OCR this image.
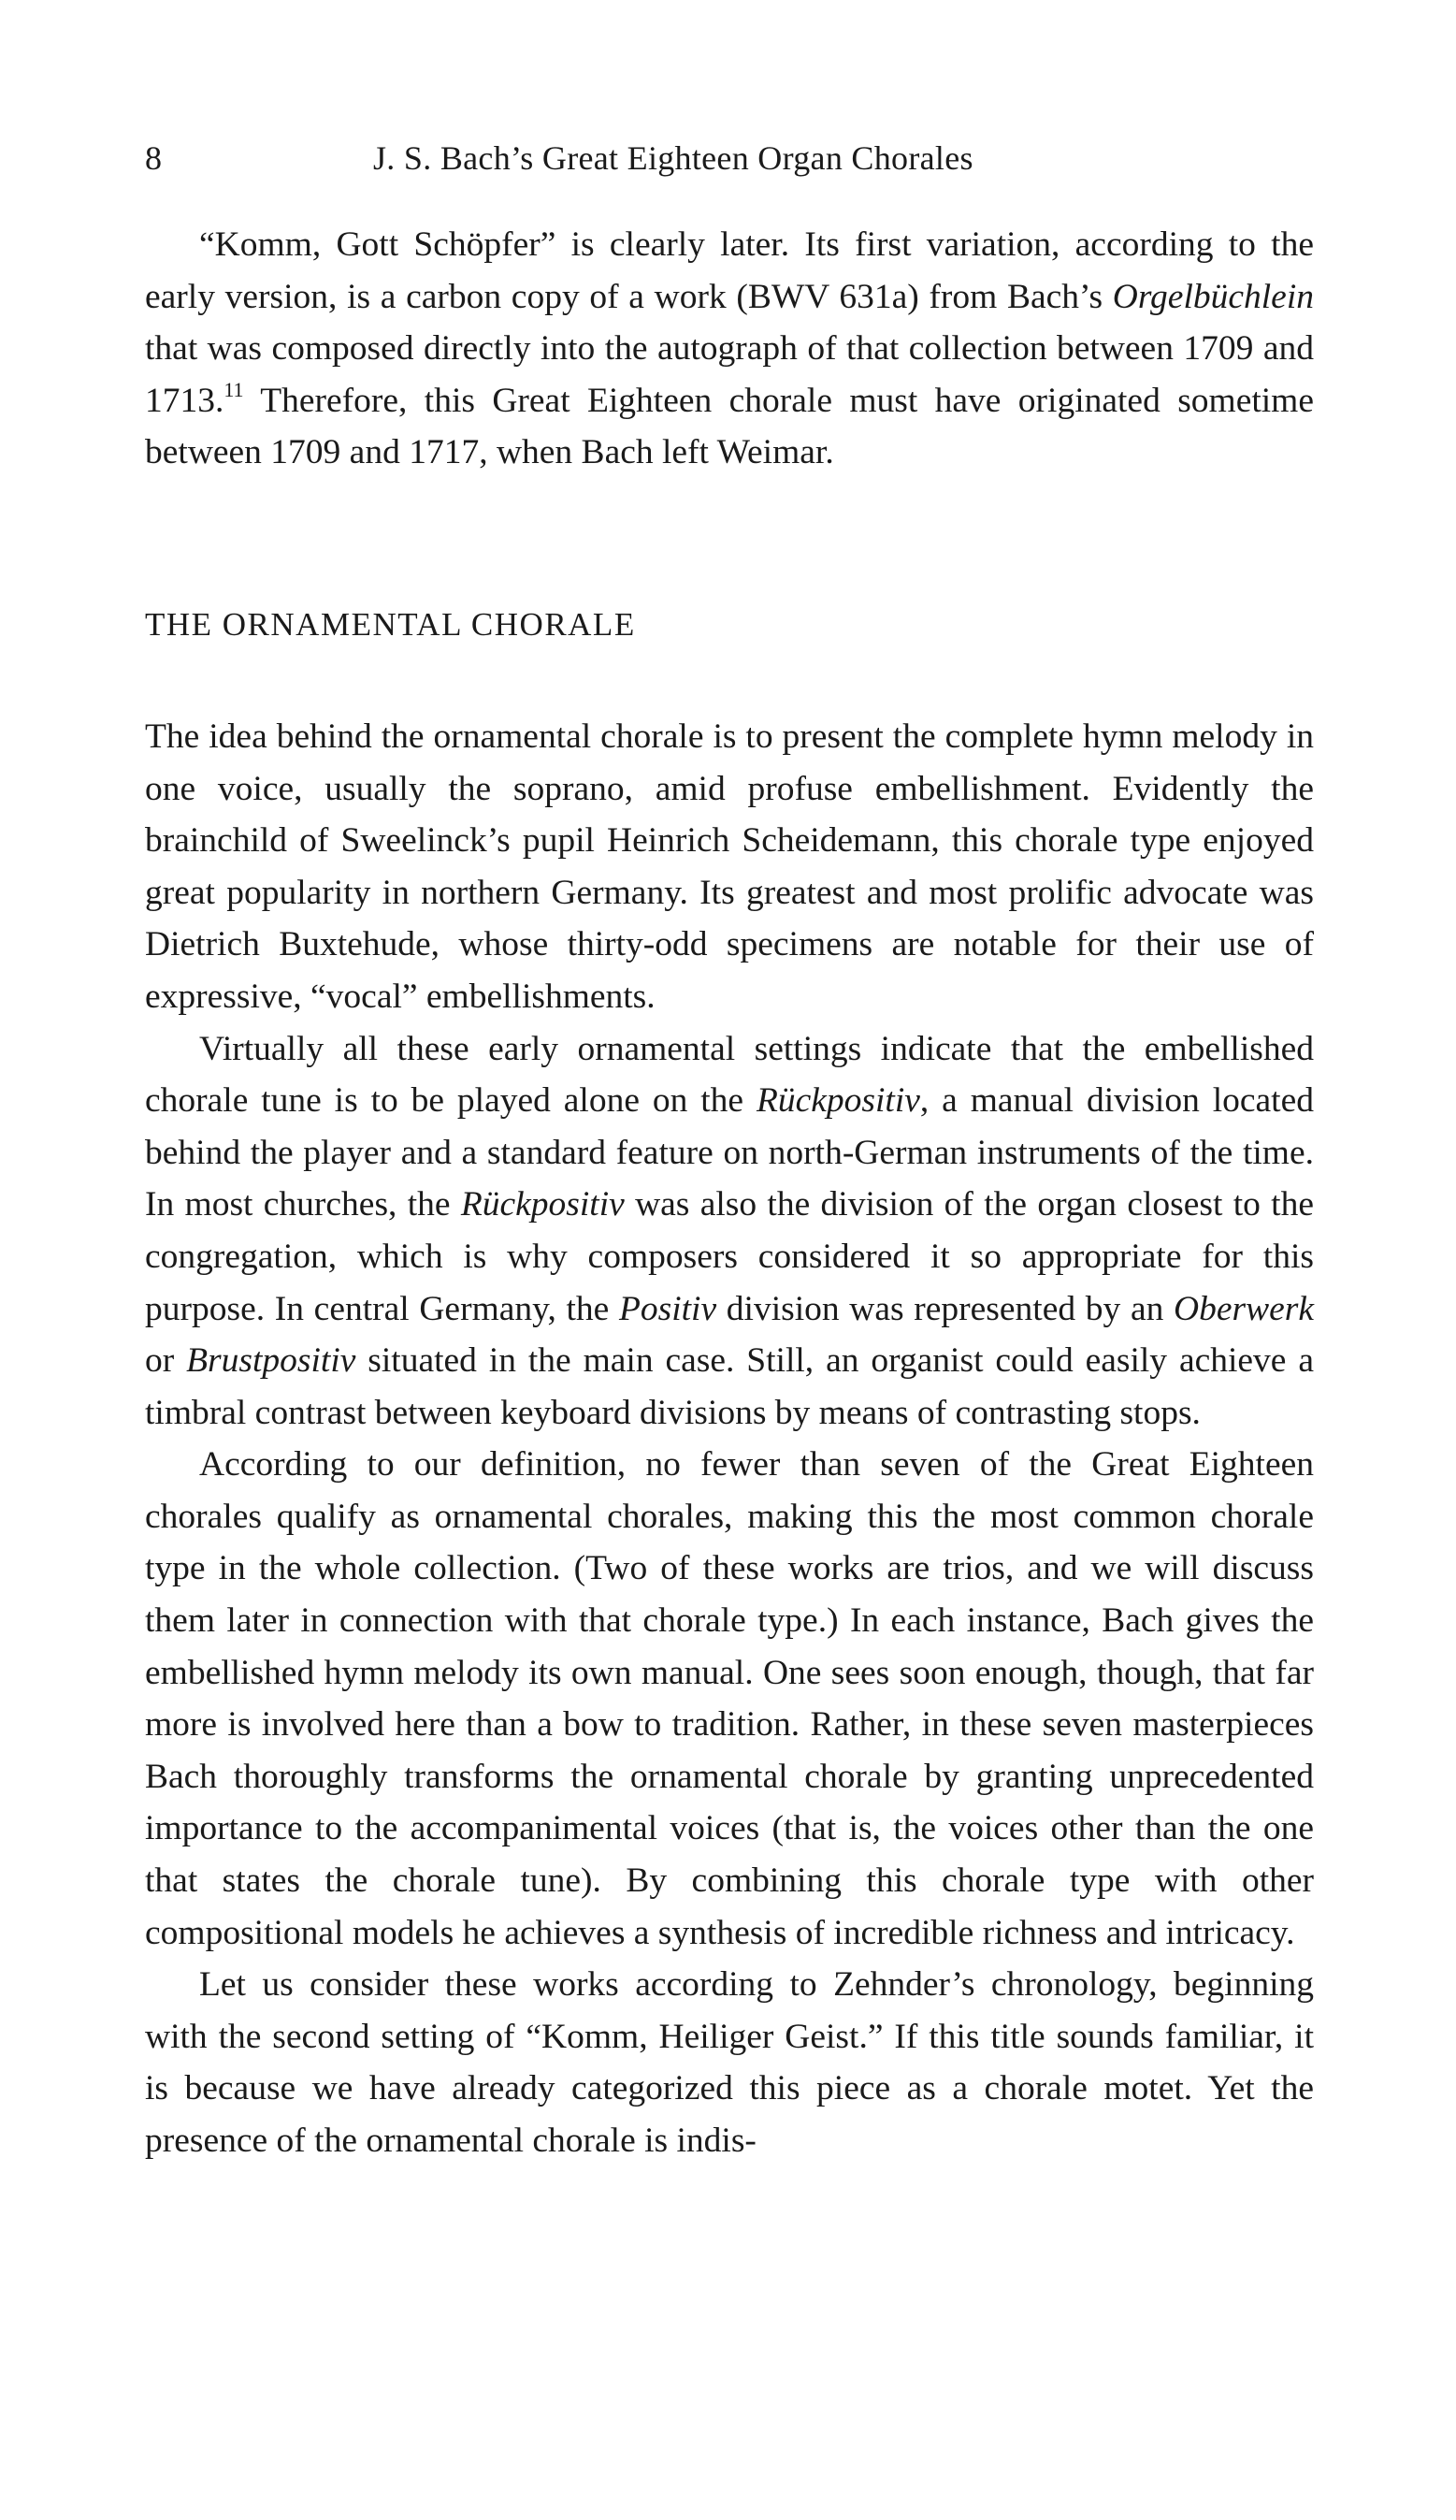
8	J. S. Bach’s Great Eighteen Organ Chorales

“Komm, Gott Schöpfer” is clearly later. Its first variation, according to the early version, is a carbon copy of a work (BWV 631a) from Bach’s Orgelbüchlein that was composed directly into the autograph of that collection between 1709 and 1713.11 Therefore, this Great Eighteen chorale must have originated sometime between 1709 and 1717, when Bach left Weimar.

THE ORNAMENTAL CHORALE

The idea behind the ornamental chorale is to present the complete hymn melody in one voice, usually the soprano, amid profuse embellishment. Evidently the brainchild of Sweelinck’s pupil Heinrich Scheidemann, this chorale type enjoyed great popularity in northern Germany. Its greatest and most prolific advocate was Dietrich Buxtehude, whose thirty-odd specimens are notable for their use of expressive, “vocal” embellishments.

Virtually all these early ornamental settings indicate that the embellished chorale tune is to be played alone on the Rückpositiv, a manual division located behind the player and a standard feature on north-German instruments of the time. In most churches, the Rückpositiv was also the division of the organ closest to the congregation, which is why composers considered it so appropriate for this purpose. In central Germany, the Positiv division was represented by an Oberwerk or Brustpositiv situated in the main case. Still, an organist could easily achieve a timbral contrast between keyboard divisions by means of contrasting stops.

According to our definition, no fewer than seven of the Great Eighteen chorales qualify as ornamental chorales, making this the most common chorale type in the whole collection. (Two of these works are trios, and we will discuss them later in connection with that chorale type.) In each instance, Bach gives the embellished hymn melody its own manual. One sees soon enough, though, that far more is involved here than a bow to tradition. Rather, in these seven masterpieces Bach thoroughly transforms the ornamental chorale by granting unprecedented importance to the accompanimental voices (that is, the voices other than the one that states the chorale tune). By combining this chorale type with other compositional models he achieves a synthesis of incredible richness and intricacy.

Let us consider these works according to Zehnder’s chronology, beginning with the second setting of “Komm, Heiliger Geist.” If this title sounds familiar, it is because we have already categorized this piece as a chorale motet. Yet the presence of the ornamental chorale is indis-
